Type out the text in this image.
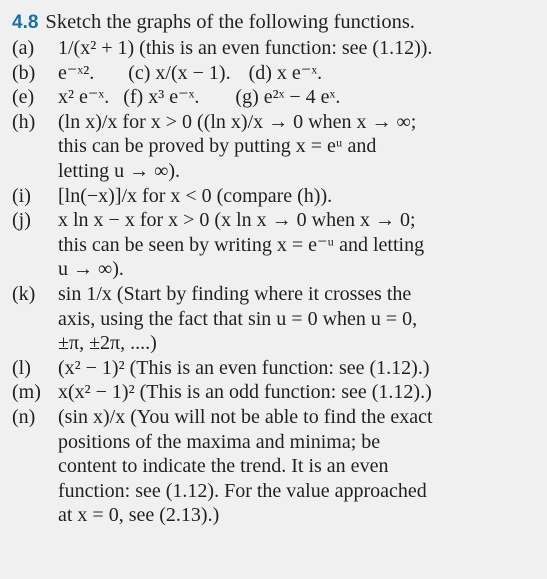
4.8 Sketch the graphs of the following functions.
(a)	1/(x² + 1) (this is an even function: see (1.12)).
(b)	e⁻ˣ². (c) x/(x − 1). (d) x e⁻ˣ.
(e)	x² e⁻ˣ. (f) x³ e⁻ˣ. (g) e²ˣ − 4 eˣ.
(h)	(ln x)/x for x > 0 ((ln x)/x → 0 when x → ∞;
this can be proved by putting x = eᵘ and
letting u → ∞).
(i)	[ln(−x)]/x for x < 0 (compare (h)).
(j)	x ln x − x for x > 0 (x ln x → 0 when x → 0;
this can be seen by writing x = e⁻ᵘ and letting
u → ∞).
(k)	sin 1/x (Start by finding where it crosses the
axis, using the fact that sin u = 0 when u = 0,
±π, ±2π, ....)
(l)	(x² − 1)² (This is an even function: see (1.12).)
(m) x(x² − 1)² (This is an odd function: see (1.12).)
(n)	(sin x)/x (You will not be able to find the exact
positions of the maxima and minima; be
content to indicate the trend. It is an even
function: see (1.12). For the value approached
at x = 0, see (2.13).)
